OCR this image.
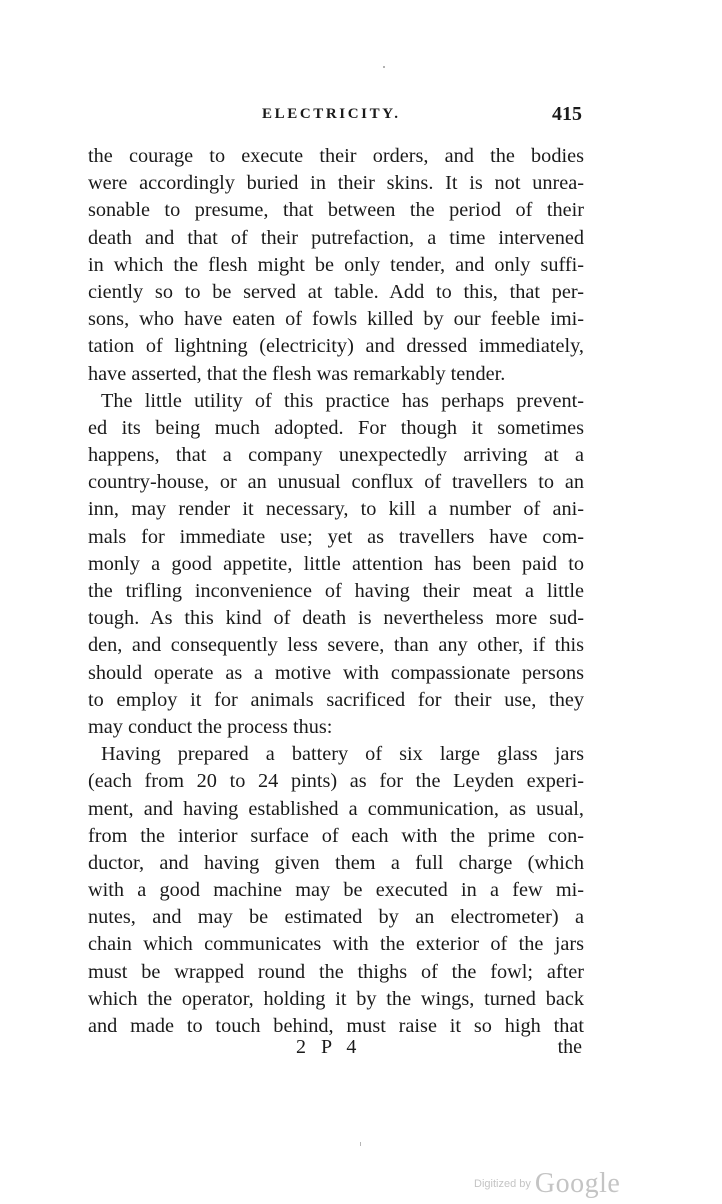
ELECTRICITY.	415
the courage to execute their orders, and the bodies
were accordingly buried in their skins. It is not unrea-
sonable to presume, that between the period of their
death and that of their putrefaction, a time intervened
in which the flesh might be only tender, and only suffi-
ciently so to be served at table. Add to this, that per-
sons, who have eaten of fowls killed by our feeble imi-
tation of lightning (electricity) and dressed immediately,
have asserted, that the flesh was remarkably tender.
The little utility of this practice has perhaps prevent-
ed its being much adopted. For though it sometimes
happens, that a company unexpectedly arriving at a
country-house, or an unusual conflux of travellers to an
inn, may render it necessary, to kill a number of ani-
mals for immediate use; yet as travellers have com-
monly a good appetite, little attention has been paid to
the trifling inconvenience of having their meat a little
tough. As this kind of death is nevertheless more sud-
den, and consequently less severe, than any other, if this
should operate as a motive with compassionate persons
to employ it for animals sacrificed for their use, they
may conduct the process thus:
Having prepared a battery of six large glass jars
(each from 20 to 24 pints) as for the Leyden experi-
ment, and having established a communication, as usual,
from the interior surface of each with the prime con-
ductor, and having given them a full charge (which
with a good machine may be executed in a few mi-
nutes, and may be estimated by an electrometer) a
chain which communicates with the exterior of the jars
must be wrapped round the thighs of the fowl; after
which the operator, holding it by the wings, turned back
and made to touch behind, must raise it so high that
2 P 4	the
Digitized by Google
